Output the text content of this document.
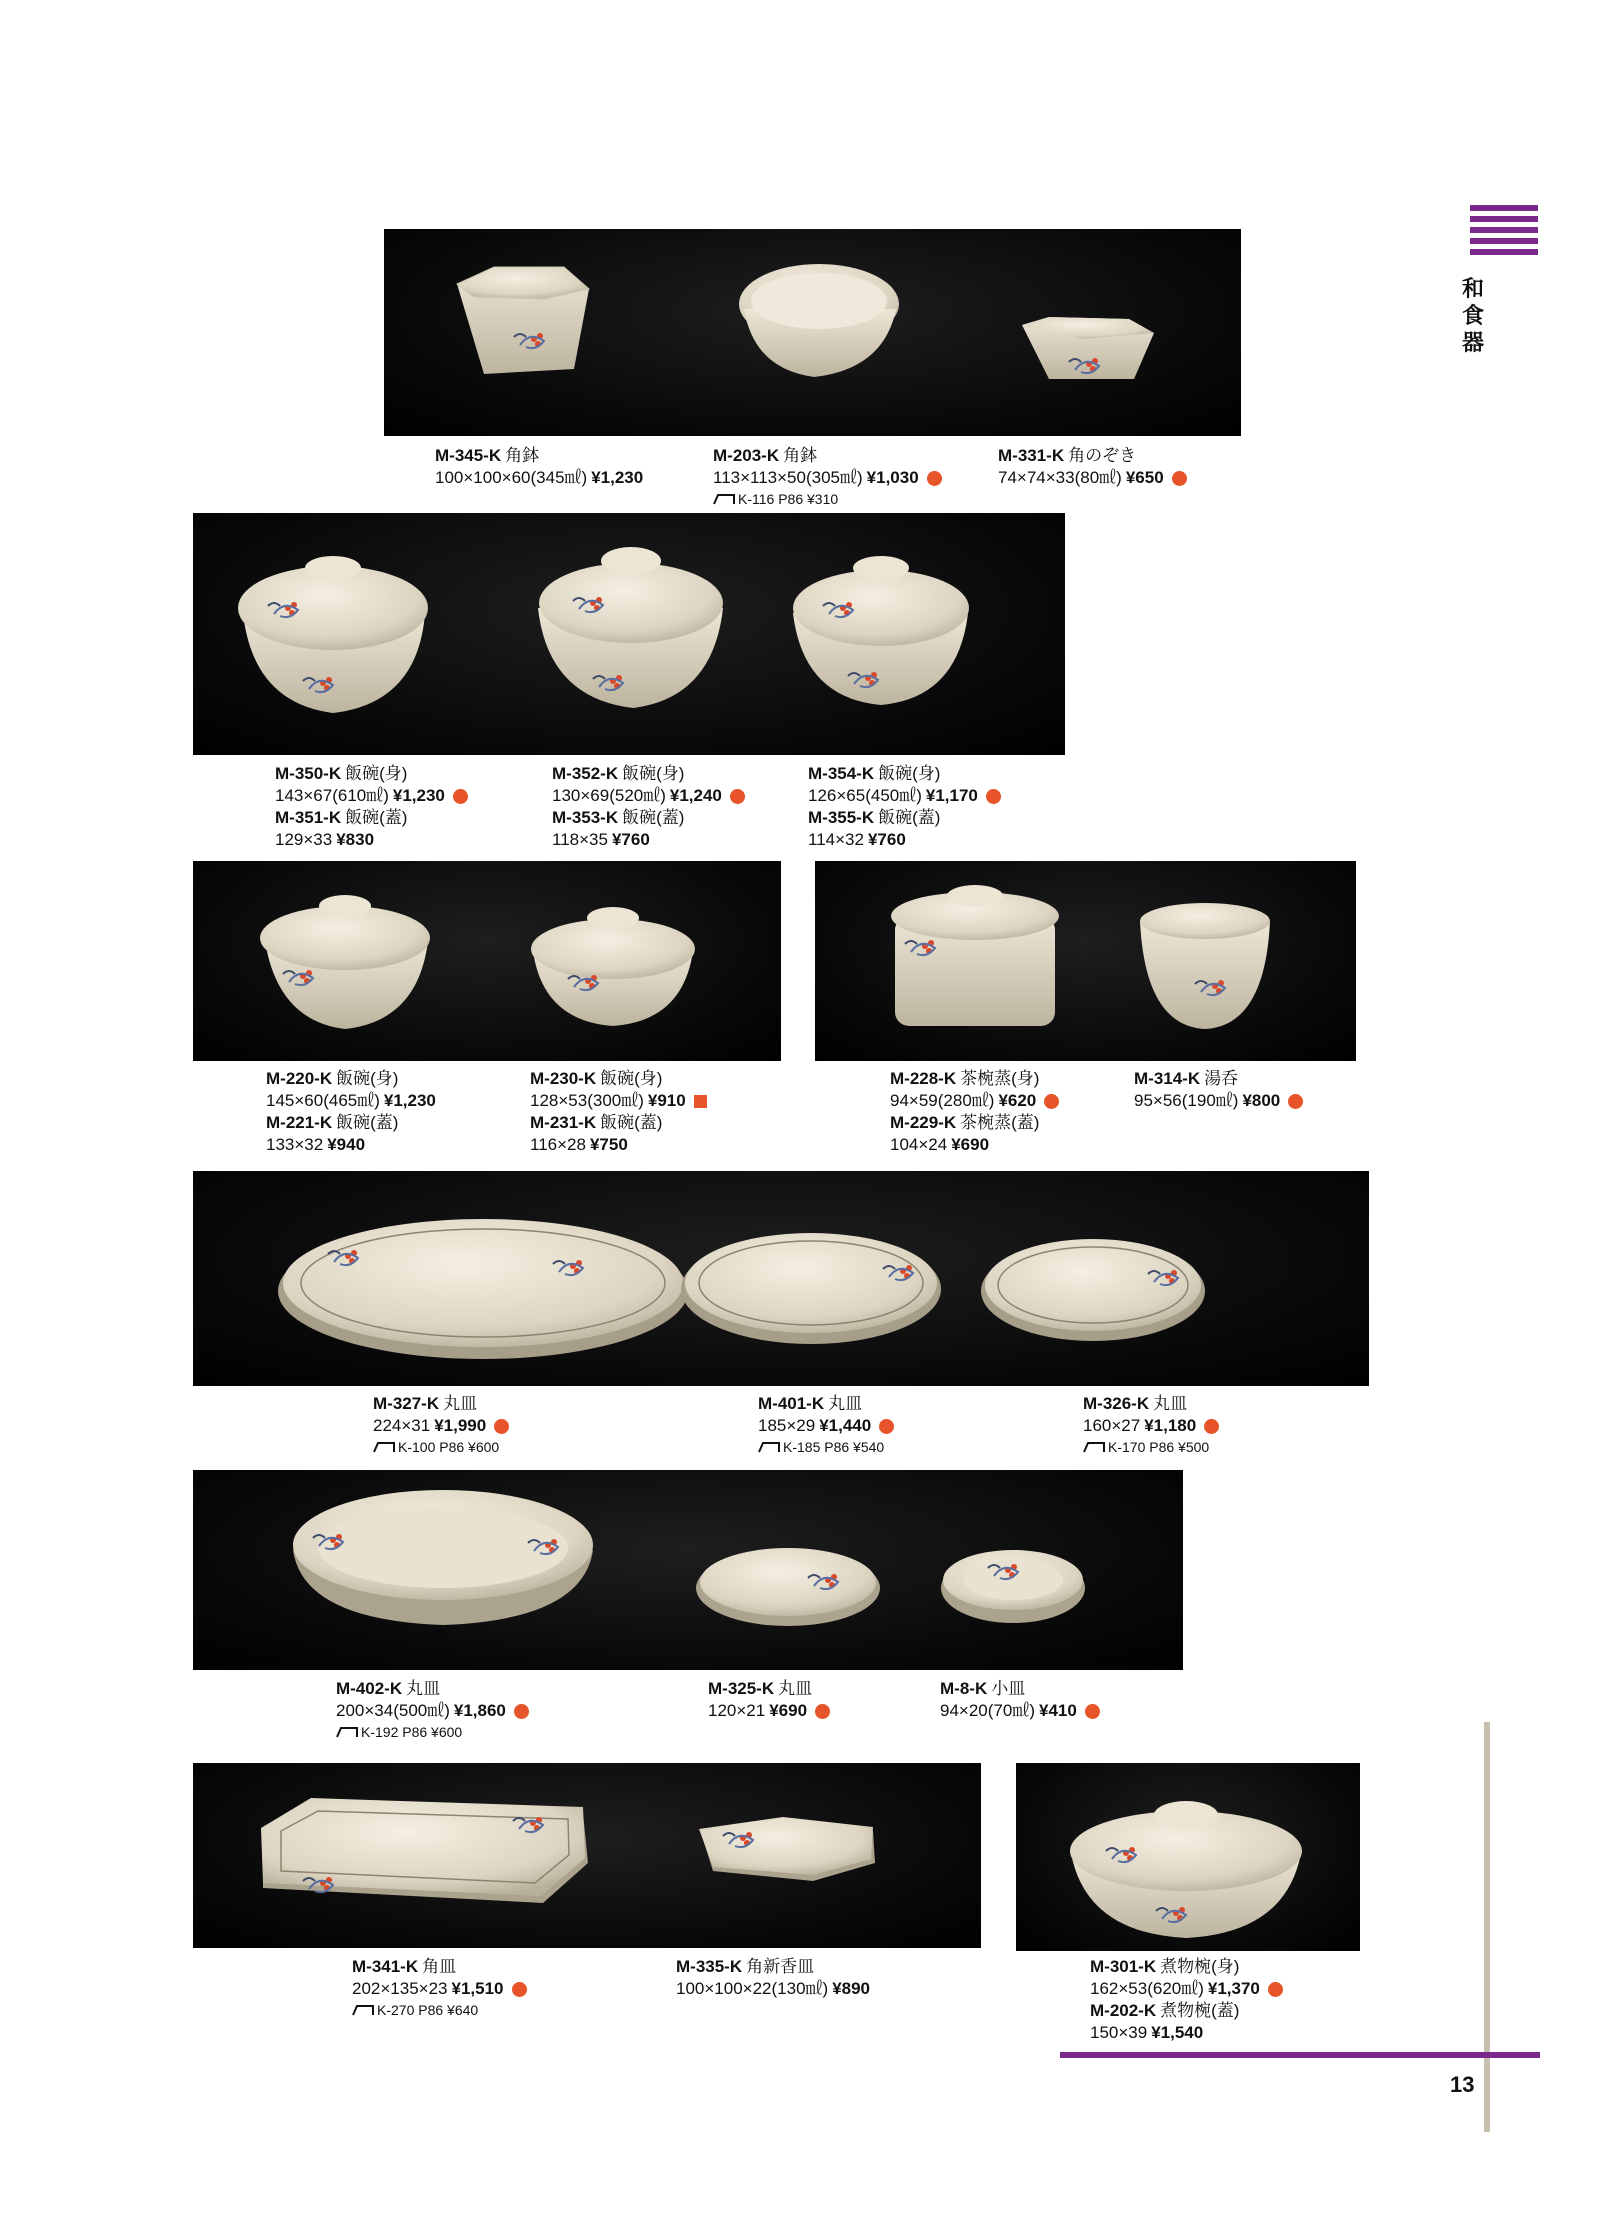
和
食
器
M-345-K 角鉢
100×100×60(345㎖) ¥1,230
M-203-K 角鉢
113×113×50(305㎖) ¥1,030
K-116 P86 ¥310
M-331-K 角のぞき
74×74×33(80㎖) ¥650
M-350-K 飯碗(身)
143×67(610㎖) ¥1,230
M-351-K 飯碗(蓋)
129×33 ¥830
M-352-K 飯碗(身)
130×69(520㎖) ¥1,240
M-353-K 飯碗(蓋)
118×35 ¥760
M-354-K 飯碗(身)
126×65(450㎖) ¥1,170
M-355-K 飯碗(蓋)
114×32 ¥760
M-220-K 飯碗(身)
145×60(465㎖) ¥1,230
M-221-K 飯碗(蓋)
133×32 ¥940
M-230-K 飯碗(身)
128×53(300㎖) ¥910
M-231-K 飯碗(蓋)
116×28 ¥750
M-228-K 茶椀蒸(身)
94×59(280㎖) ¥620
M-229-K 茶椀蒸(蓋)
104×24 ¥690
M-314-K 湯呑
95×56(190㎖) ¥800
M-327-K 丸皿
224×31 ¥1,990
K-100 P86 ¥600
M-401-K 丸皿
185×29 ¥1,440
K-185 P86 ¥540
M-326-K 丸皿
160×27 ¥1,180
K-170 P86 ¥500
M-402-K 丸皿
200×34(500㎖) ¥1,860
K-192 P86 ¥600
M-325-K 丸皿
120×21 ¥690
M-8-K 小皿
94×20(70㎖) ¥410
M-341-K 角皿
202×135×23 ¥1,510
K-270 P86 ¥640
M-335-K 角新香皿
100×100×22(130㎖) ¥890
M-301-K 煮物椀(身)
162×53(620㎖) ¥1,370
M-202-K 煮物椀(蓋)
150×39 ¥1,540
13
